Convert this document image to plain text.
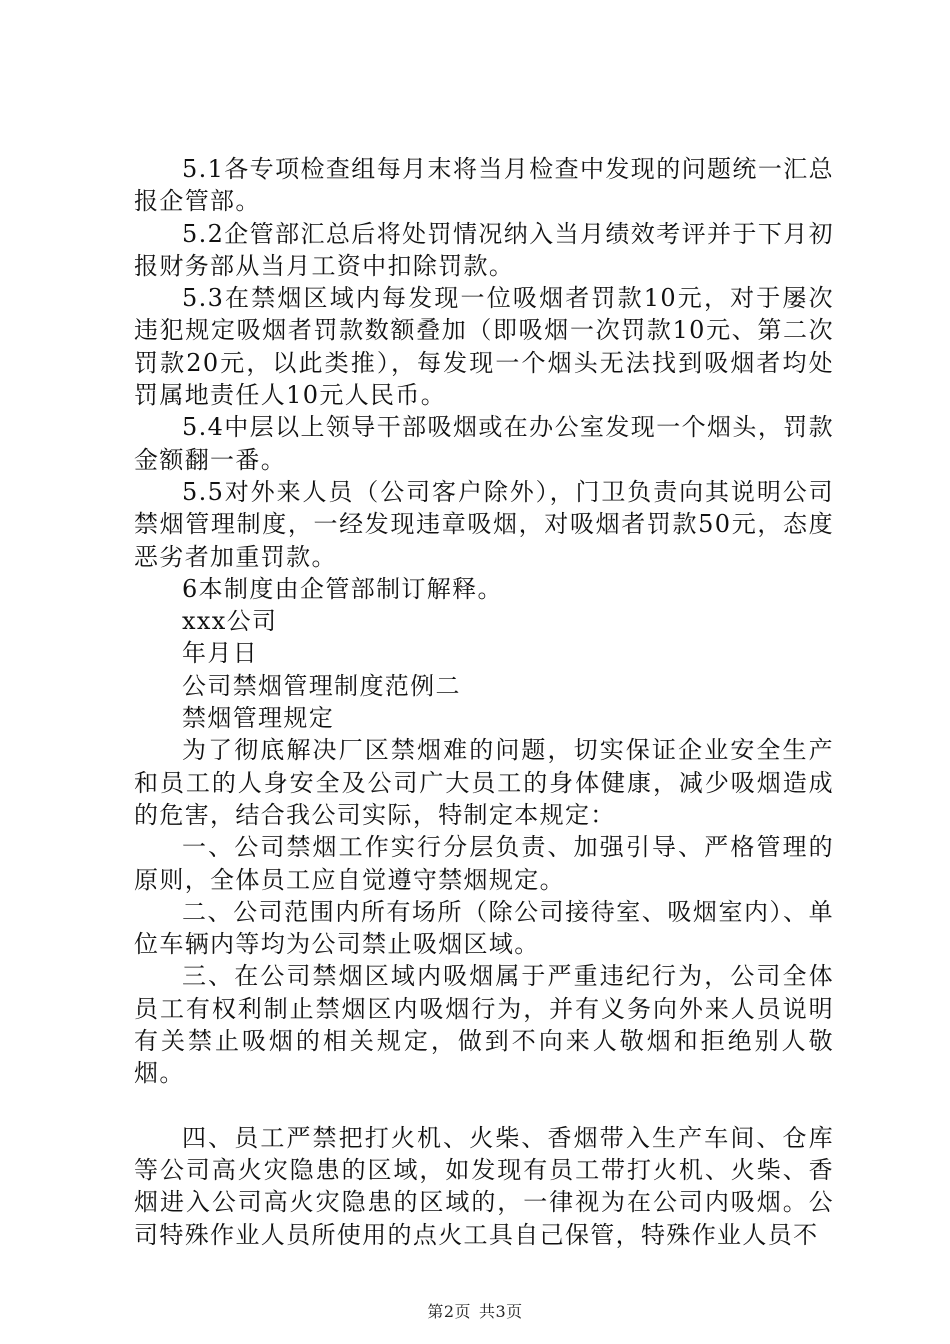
5.1各专项检查组每月末将当月检查中发现的问题统一汇总报企管部。

5.2企管部汇总后将处罚情况纳入当月绩效考评并于下月初报财务部从当月工资中扣除罚款。

5.3在禁烟区域内每发现一位吸烟者罚款10元，对于屡次违犯规定吸烟者罚款数额叠加（即吸烟一次罚款10元、第二次罚款20元，以此类推），每发现一个烟头无法找到吸烟者均处罚属地责任人10元人民币。

5.4中层以上领导干部吸烟或在办公室发现一个烟头，罚款金额翻一番。

5.5对外来人员（公司客户除外），门卫负责向其说明公司禁烟管理制度，一经发现违章吸烟，对吸烟者罚款50元，态度恶劣者加重罚款。

6本制度由企管部制订解释。

xxx公司

年月日

公司禁烟管理制度范例二

禁烟管理规定

为了彻底解决厂区禁烟难的问题，切实保证企业安全生产和员工的人身安全及公司广大员工的身体健康，减少吸烟造成的危害，结合我公司实际，特制定本规定：

一、公司禁烟工作实行分层负责、加强引导、严格管理的原则，全体员工应自觉遵守禁烟规定。

二、公司范围内所有场所（除公司接待室、吸烟室内）、单位车辆内等均为公司禁止吸烟区域。

三、在公司禁烟区域内吸烟属于严重违纪行为，公司全体员工有权利制止禁烟区内吸烟行为，并有义务向外来人员说明有关禁止吸烟的相关规定，做到不向来人敬烟和拒绝别人敬烟。

四、员工严禁把打火机、火柴、香烟带入生产车间、仓库等公司高火灾隐患的区域，如发现有员工带打火机、火柴、香烟进入公司高火灾隐患的区域的，一律视为在公司内吸烟。公司特殊作业人员所使用的点火工具自己保管，特殊作业人员不

第2页 共3页
